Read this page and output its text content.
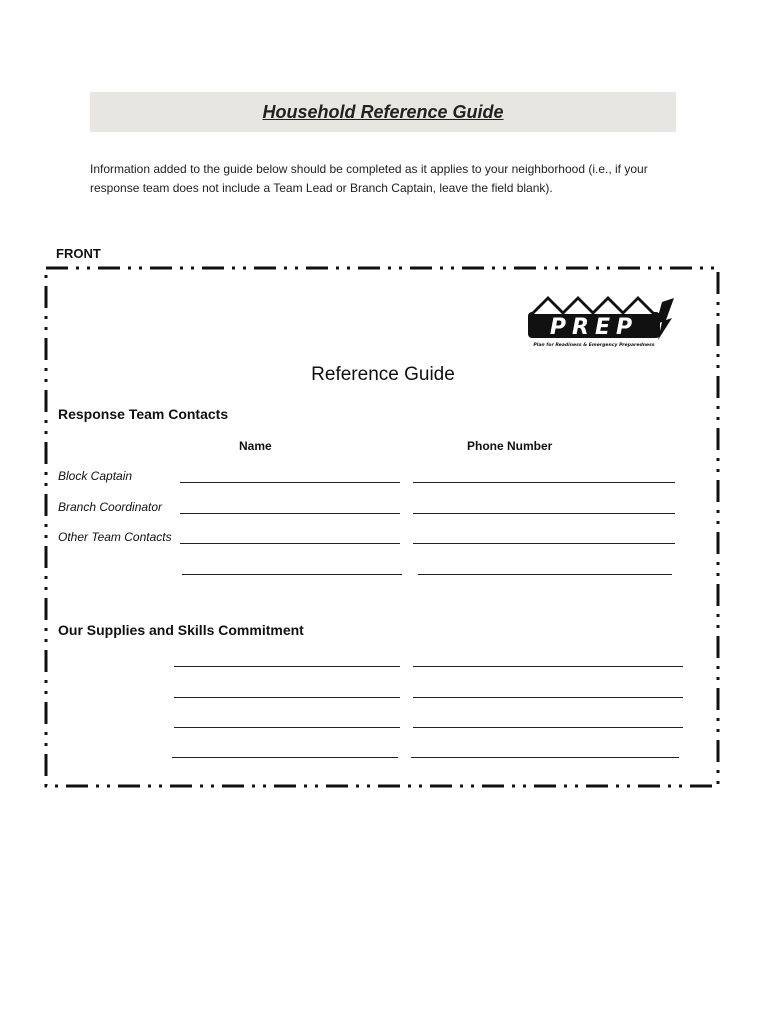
Household Reference Guide
Information added to the guide below should be completed as it applies to your neighborhood (i.e., if your response team does not include a Team Lead or Branch Captain, leave the field blank).
FRONT
PREP
Plan for Readiness & Emergency Preparedness
Reference Guide
Response Team Contacts
Name	Phone Number
Block Captain
Branch Coordinator
Other Team Contacts
Our Supplies and Skills Commitment
